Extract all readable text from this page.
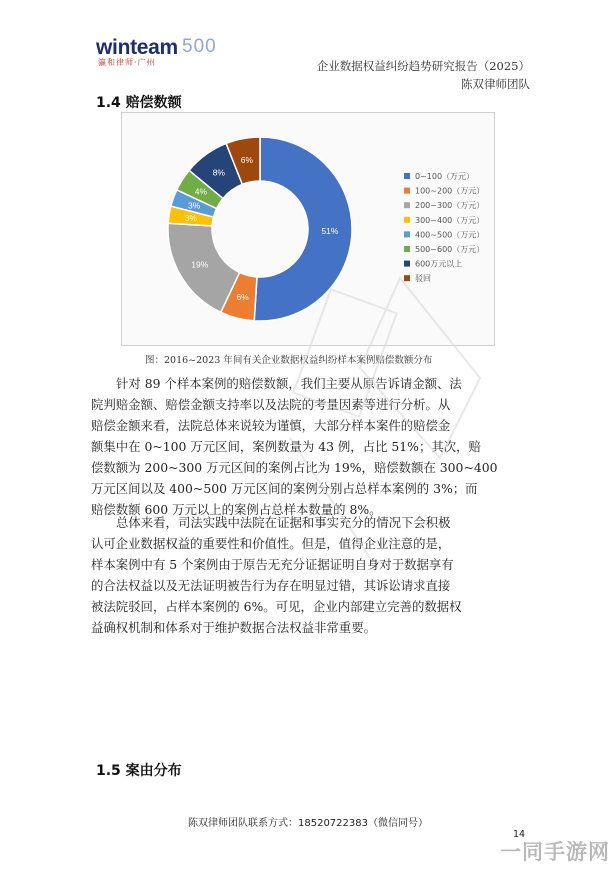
winteam 500
瀛和律师·广州	企业数据权益纠纷趋势研究报告（2025）
陈双律师团队
1.4 赔偿数额
51%
6%
19%
3%
3%
4%
8%
6%
0~100（万元）
100~200（万元）
200~300（万元）
300~400（万元）
400~500（万元）
500~600（万元）
600万元以上
驳回
图：2016~2023 年间有关企业数据权益纠纷样本案例赔偿数额分布
针对 89 个样本案例的赔偿数额，我们主要从原告诉请金额、法
院判赔金额、赔偿金额支持率以及法院的考量因素等进行分析。从
赔偿金额来看，法院总体来说较为谨慎，大部分样本案件的赔偿金
额集中在 0~100 万元区间，案例数量为 43 例，占比 51%；其次，赔
偿数额为 200~300 万元区间的案例占比为 19%，赔偿数额在 300~400
万元区间以及 400~500 万元区间的案例分别占总样本案例的 3%；而
赔偿数额 600 万元以上的案例占总样本数量的 8%。
总体来看，司法实践中法院在证据和事实充分的情况下会积极
认可企业数据权益的重要性和价值性。但是，值得企业注意的是，
样本案例中有 5 个案例由于原告无充分证据证明自身对于数据享有
的合法权益以及无法证明被告行为存在明显过错，其诉讼请求直接
被法院驳回，占样本案例的 6%。可见，企业内部建立完善的数据权
益确权机制和体系对于维护数据合法权益非常重要。
1.5 案由分布
陈双律师团队联系方式：18520722383（微信同号）
14
一同手游网
